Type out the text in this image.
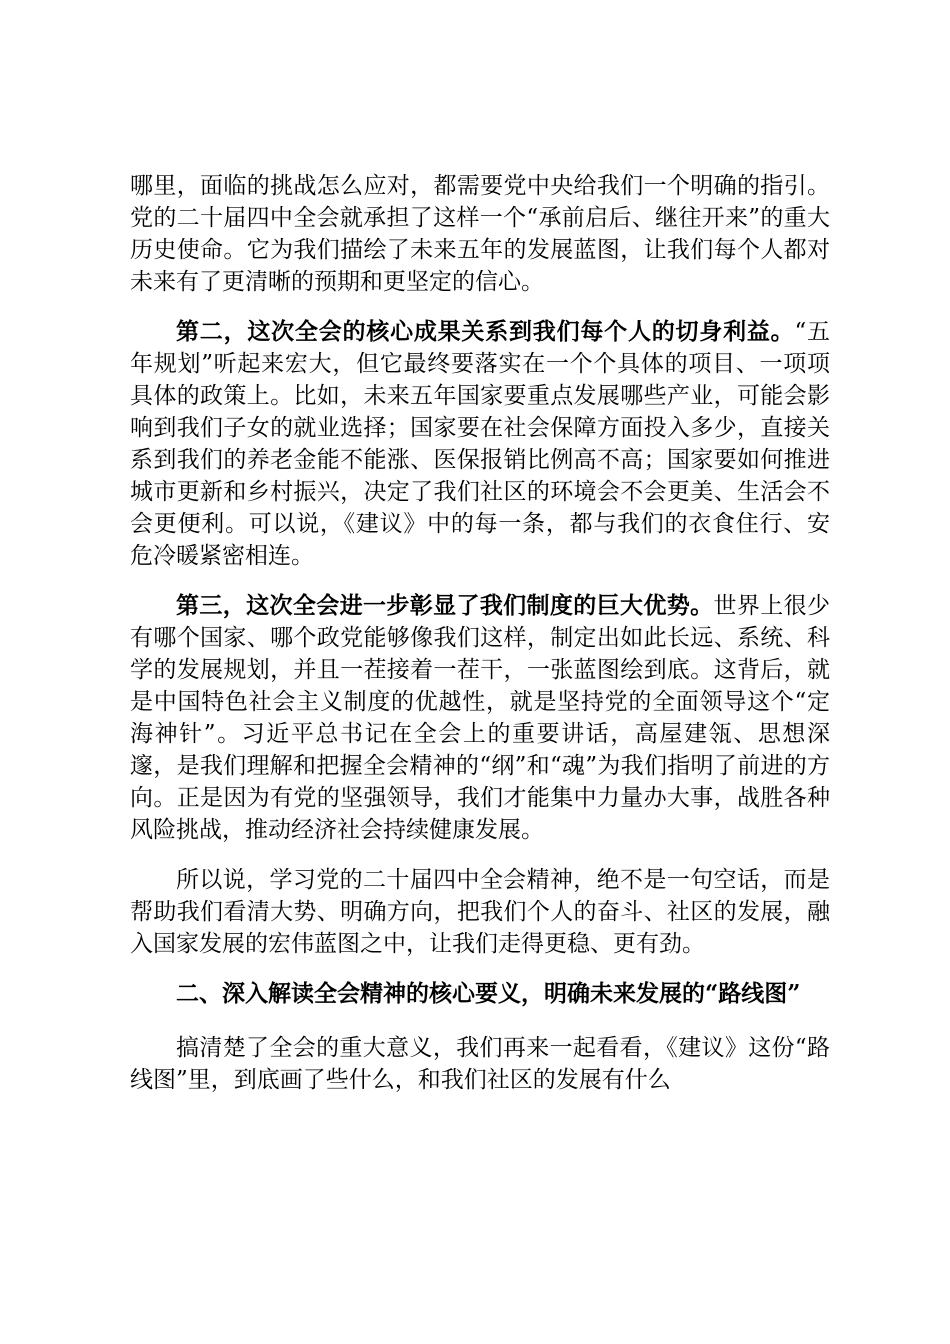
哪里，面临的挑战怎么应对，都需要党中央给我们一个明确的指引。党的二十届四中全会就承担了这样一个“承前启后、继往开来”的重大历史使命。它为我们描绘了未来五年的发展蓝图，让我们每个人都对未来有了更清晰的预期和更坚定的信心。

第二，这次全会的核心成果关系到我们每个人的切身利益。“五年规划”听起来宏大，但它最终要落实在一个个具体的项目、一项项具体的政策上。比如，未来五年国家要重点发展哪些产业，可能会影响到我们子女的就业选择；国家要在社会保障方面投入多少，直接关系到我们的养老金能不能涨、医保报销比例高不高；国家要如何推进城市更新和乡村振兴，决定了我们社区的环境会不会更美、生活会不会更便利。可以说，《建议》中的每一条，都与我们的衣食住行、安危冷暖紧密相连。

第三，这次全会进一步彰显了我们制度的巨大优势。世界上很少有哪个国家、哪个政党能够像我们这样，制定出如此长远、系统、科学的发展规划，并且一茬接着一茬干，一张蓝图绘到底。这背后，就是中国特色社会主义制度的优越性，就是坚持党的全面领导这个“定海神针”。习近平总书记在全会上的重要讲话，高屋建瓴、思想深邃，是我们理解和把握全会精神的“纲”和“魂”为我们指明了前进的方向。正是因为有党的坚强领导，我们才能集中力量办大事，战胜各种风险挑战，推动经济社会持续健康发展。

所以说，学习党的二十届四中全会精神，绝不是一句空话，而是帮助我们看清大势、明确方向，把我们个人的奋斗、社区的发展，融入国家发展的宏伟蓝图之中，让我们走得更稳、更有劲。

二、深入解读全会精神的核心要义，明确未来发展的“路线图”

搞清楚了全会的重大意义，我们再来一起看看，《建议》这份“路线图”里，到底画了些什么，和我们社区的发展有什么
